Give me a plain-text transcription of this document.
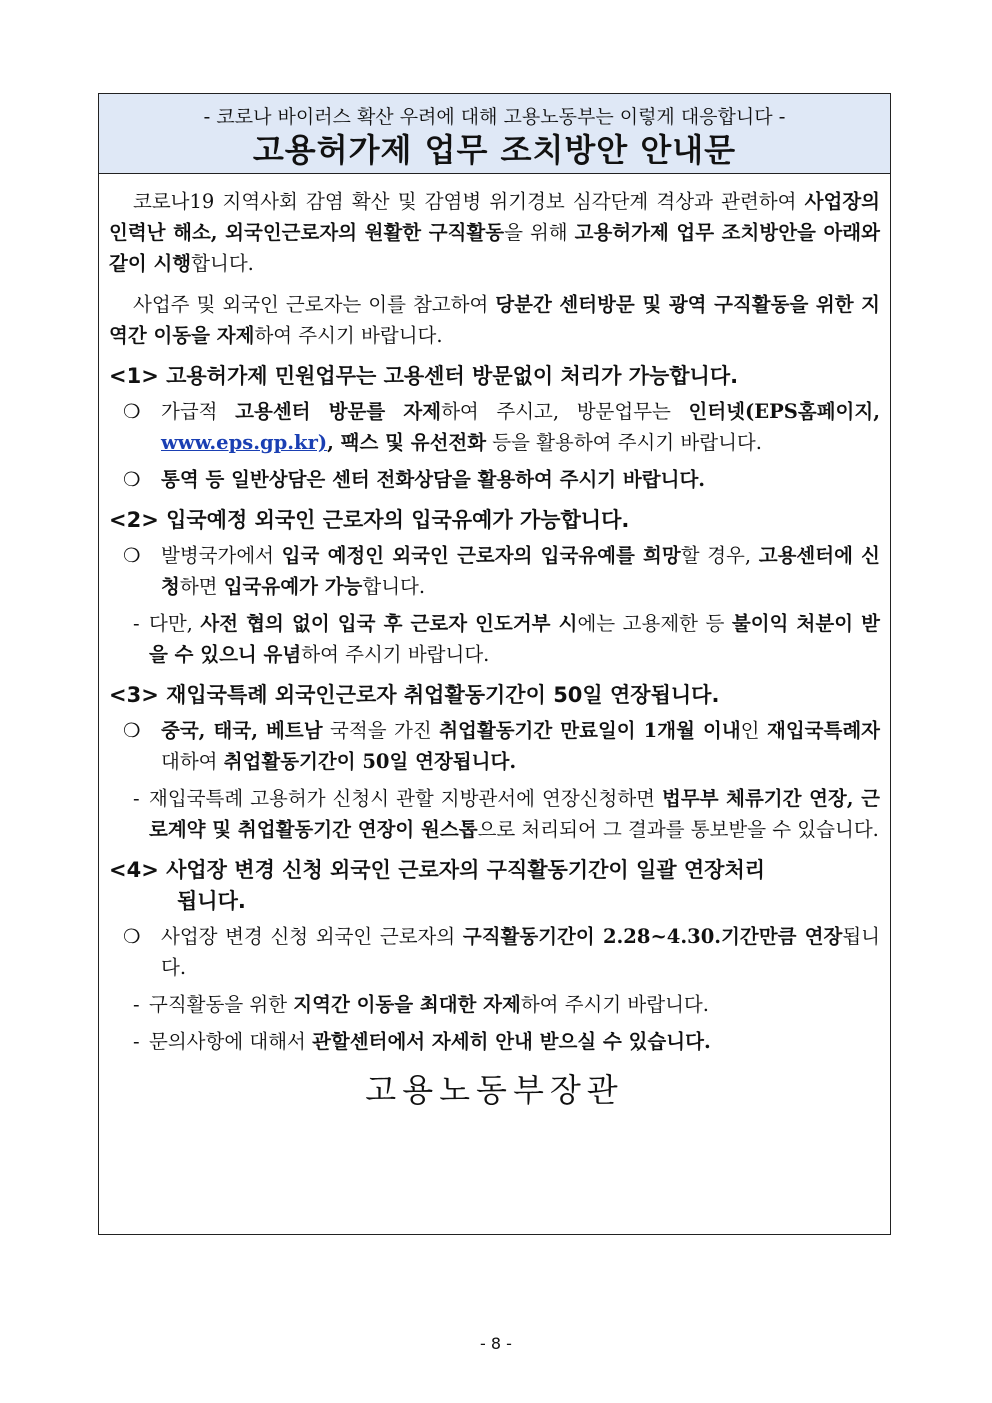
- 코로나 바이러스 확산 우려에 대해 고용노동부는 이렇게 대응합니다 -
고용허가제 업무 조치방안 안내문

코로나19 지역사회 감염 확산 및 감염병 위기경보 심각단계 격상과 관련하여 사업장의 인력난 해소, 외국인근로자의 원활한 구직활동을 위해 고용허가제 업무 조치방안을 아래와 같이 시행합니다.

사업주 및 외국인 근로자는 이를 참고하여 당분간 센터방문 및 광역 구직활동을 위한 지역간 이동을 자제하여 주시기 바랍니다.

<1> 고용허가제 민원업무는 고용센터 방문없이 처리가 가능합니다.

❍ 가급적 고용센터 방문를 자제하여 주시고, 방문업무는 인터넷(EPS홈페이지, www.eps.gp.kr), 팩스 및 유선전화 등을 활용하여 주시기 바랍니다.

❍ 통역 등 일반상담은 센터 전화상담을 활용하여 주시기 바랍니다.

<2> 입국예정 외국인 근로자의 입국유예가 가능합니다.

❍ 발병국가에서 입국 예정인 외국인 근로자의 입국유예를 희망할 경우, 고용센터에 신청하면 입국유예가 가능합니다.

- 다만, 사전 협의 없이 입국 후 근로자 인도거부 시에는 고용제한 등 불이익 처분이 받을 수 있으니 유념하여 주시기 바랍니다.

<3> 재입국특례 외국인근로자 취업활동기간이 50일 연장됩니다.

❍ 중국, 태국, 베트남 국적을 가진 취업활동기간 만료일이 1개월 이내인 재입국특례자 대하여 취업활동기간이 50일 연장됩니다.

- 재입국특례 고용허가 신청시 관할 지방관서에 연장신청하면 법무부 체류기간 연장, 근로계약 및 취업활동기간 연장이 원스톱으로 처리되어 그 결과를 통보받을 수 있습니다.

<4> 사업장 변경 신청 외국인 근로자의 구직활동기간이 일괄 연장처리
됩니다.

❍ 사업장 변경 신청 외국인 근로자의 구직활동기간이 2.28~4.30.기간만큼 연장됩니다.

- 구직활동을 위한 지역간 이동을 최대한 자제하여 주시기 바랍니다.

- 문의사항에 대해서 관할센터에서 자세히 안내 받으실 수 있습니다.

고용노동부장관
- 8 -
